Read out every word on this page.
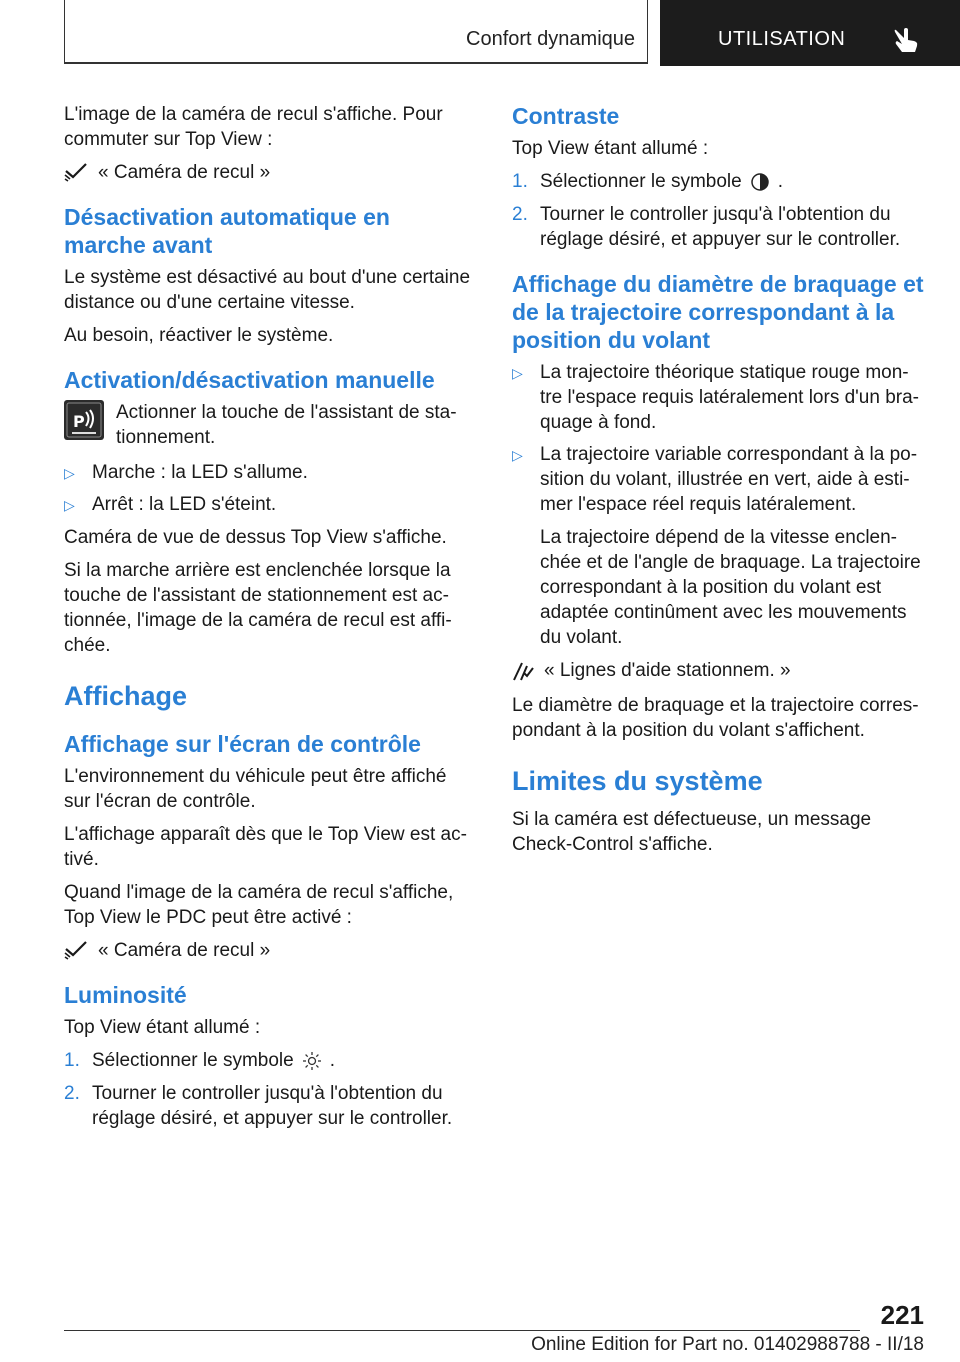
Confort dynamique	UTILISATION

L'image de la caméra de recul s'affiche. Pour commuter sur Top View :

« Caméra de recul »
Désactivation automatique en marche avant

Le système est désactivé au bout d'une certaine distance ou d'une certaine vitesse.

Au besoin, réactiver le système.

Activation/désactivation manuelle
P Actionner la touche de l'assistant de sta-tionnement.
▷ Marche : la LED s'allume.
▷ Arrêt : la LED s'éteint.

Caméra de vue de dessus Top View s'affiche.

Si la marche arrière est enclenchée lorsque la touche de l'assistant de stationnement est ac-tionnée, l'image de la caméra de recul est affi-chée.

Affichage
Affichage sur l'écran de contrôle

L'environnement du véhicule peut être affiché sur l'écran de contrôle.

L'affichage apparaît dès que le Top View est ac-tivé.

Quand l'image de la caméra de recul s'affiche, Top View le PDC peut être activé :

« Caméra de recul »
Luminosité

Top View étant allumé :

1. Sélectionner le symbole .
2. Tourner le controller jusqu'à l'obtention du réglage désiré, et appuyer sur le controller.
Contraste

Top View étant allumé :

1. Sélectionner le symbole .
2. Tourner le controller jusqu'à l'obtention du réglage désiré, et appuyer sur le controller.
Affichage du diamètre de braquage et de la trajectoire correspondant à la position du volant
▷ La trajectoire théorique statique rouge mon-tre l'espace requis latéralement lors d'un bra-quage à fond.
▷ La trajectoire variable correspondant à la po-sition du volant, illustrée en vert, aide à esti-mer l'espace réel requis latéralement.

La trajectoire dépend de la vitesse enclen-chée et de l'angle de braquage. La trajectoire correspondant à la position du volant est adaptée continûment avec les mouvements du volant.

« Lignes d'aide stationnem. »

Le diamètre de braquage et la trajectoire corres-pondant à la position du volant s'affichent.

Limites du système

Si la caméra est défectueuse, un message Check-Control s'affiche.

221
Online Edition for Part no. 01402988788 - II/18
